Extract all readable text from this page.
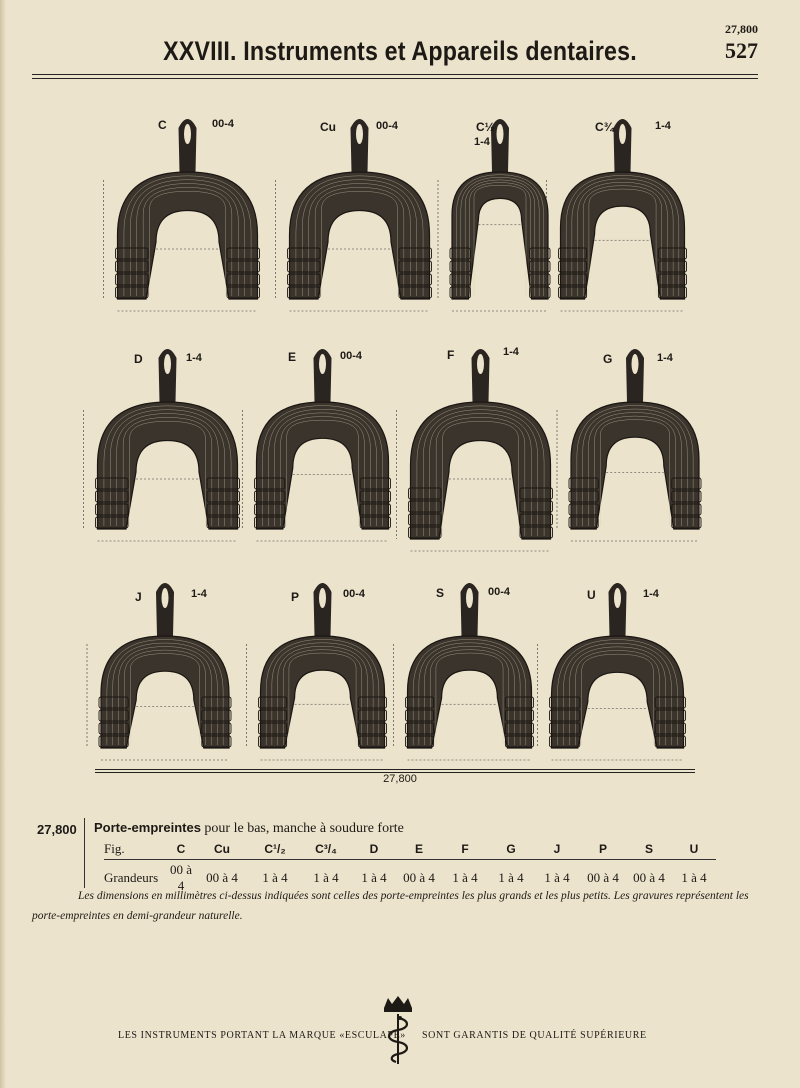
27,800
527
XXVIII. Instruments et Appareils dentaires.
C	00-4	Cu	00-4	C½
1-4
C¾	1-4
D	1-4	E	00-4	F	1-4	G	1-4
J	1-4	P	00-4	S	00-4	U	1-4
27,800
27,800 Porte-empreintes pour le bas, manche à soudure forte
Fig.	C	Cu	C¹/₂	C³/₄	D	E	F	G	J	P	S	U
Grandeurs	00 à 4	00 à 4	1 à 4	1 à 4	1 à 4	00 à 4	1 à 4	1 à 4	1 à 4	00 à 4	00 à 4	1 à 4
Les dimensions en millimètres ci-dessus indiquées sont celles des porte-empreintes les plus grands et les plus petits. Les gravures représentent les porte-empreintes en demi-grandeur naturelle.
LES INSTRUMENTS PORTANT LA MARQUE «ESCULAPE» SONT GARANTIS DE QUALITÉ SUPÉRIEURE
